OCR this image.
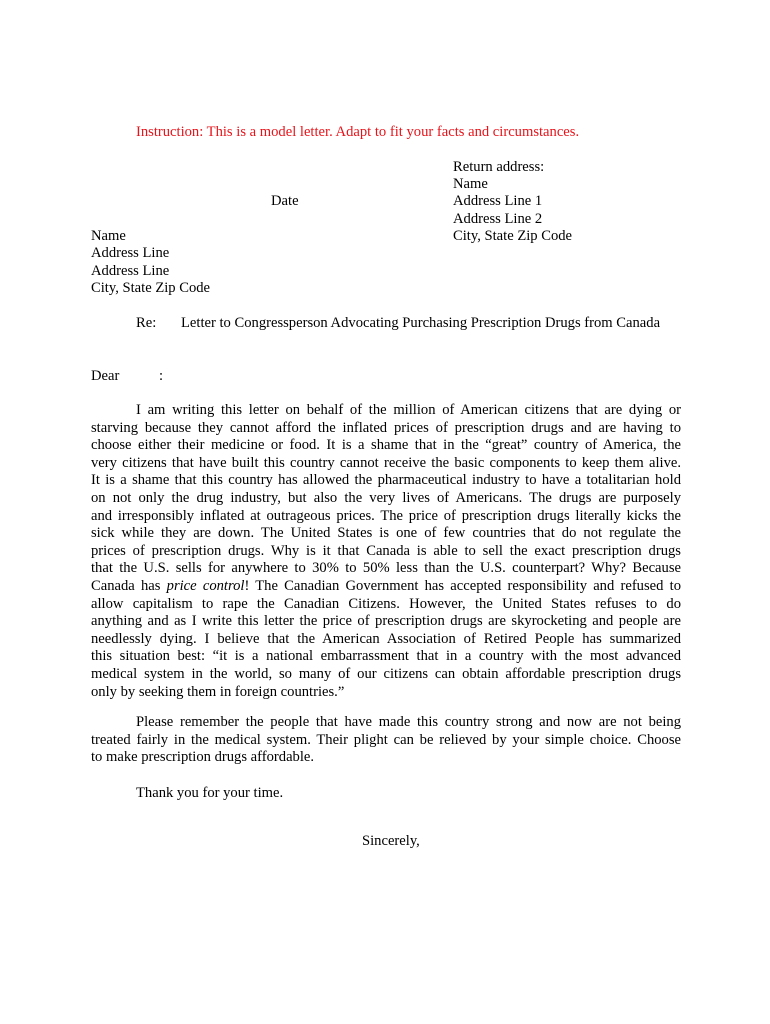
Instruction: This is a model letter. Adapt to fit your facts and circumstances.
Return address:
Name
Address Line 1
Address Line 2
City, State Zip Code
Date
Name
Address Line
Address Line
City, State Zip Code
Re: Letter to Congressperson Advocating Purchasing Prescription Drugs from Canada
Dear	:
I am writing this letter on behalf of the million of American citizens that are dying or
starving because they cannot afford the inflated prices of prescription drugs and are having to
choose either their medicine or food. It is a shame that in the “great” country of America, the
very citizens that have built this country cannot receive the basic components to keep them alive.
It is a shame that this country has allowed the pharmaceutical industry to have a totalitarian hold
on not only the drug industry, but also the very lives of Americans. The drugs are purposely
and irresponsibly inflated at outrageous prices. The price of prescription drugs literally kicks the
sick while they are down. The United States is one of few countries that do not regulate the
prices of prescription drugs. Why is it that Canada is able to sell the exact prescription drugs
that the U.S. sells for anywhere to 30% to 50% less than the U.S. counterpart? Why? Because
Canada has price control! The Canadian Government has accepted responsibility and refused to
allow capitalism to rape the Canadian Citizens. However, the United States refuses to do
anything and as I write this letter the price of prescription drugs are skyrocketing and people are
needlessly dying. I believe that the American Association of Retired People has summarized
this situation best: “it is a national embarrassment that in a country with the most advanced
medical system in the world, so many of our citizens can obtain affordable prescription drugs
only by seeking them in foreign countries.”
Please remember the people that have made this country strong and now are not being
treated fairly in the medical system. Their plight can be relieved by your simple choice. Choose
to make prescription drugs affordable.
Thank you for your time.
Sincerely,
